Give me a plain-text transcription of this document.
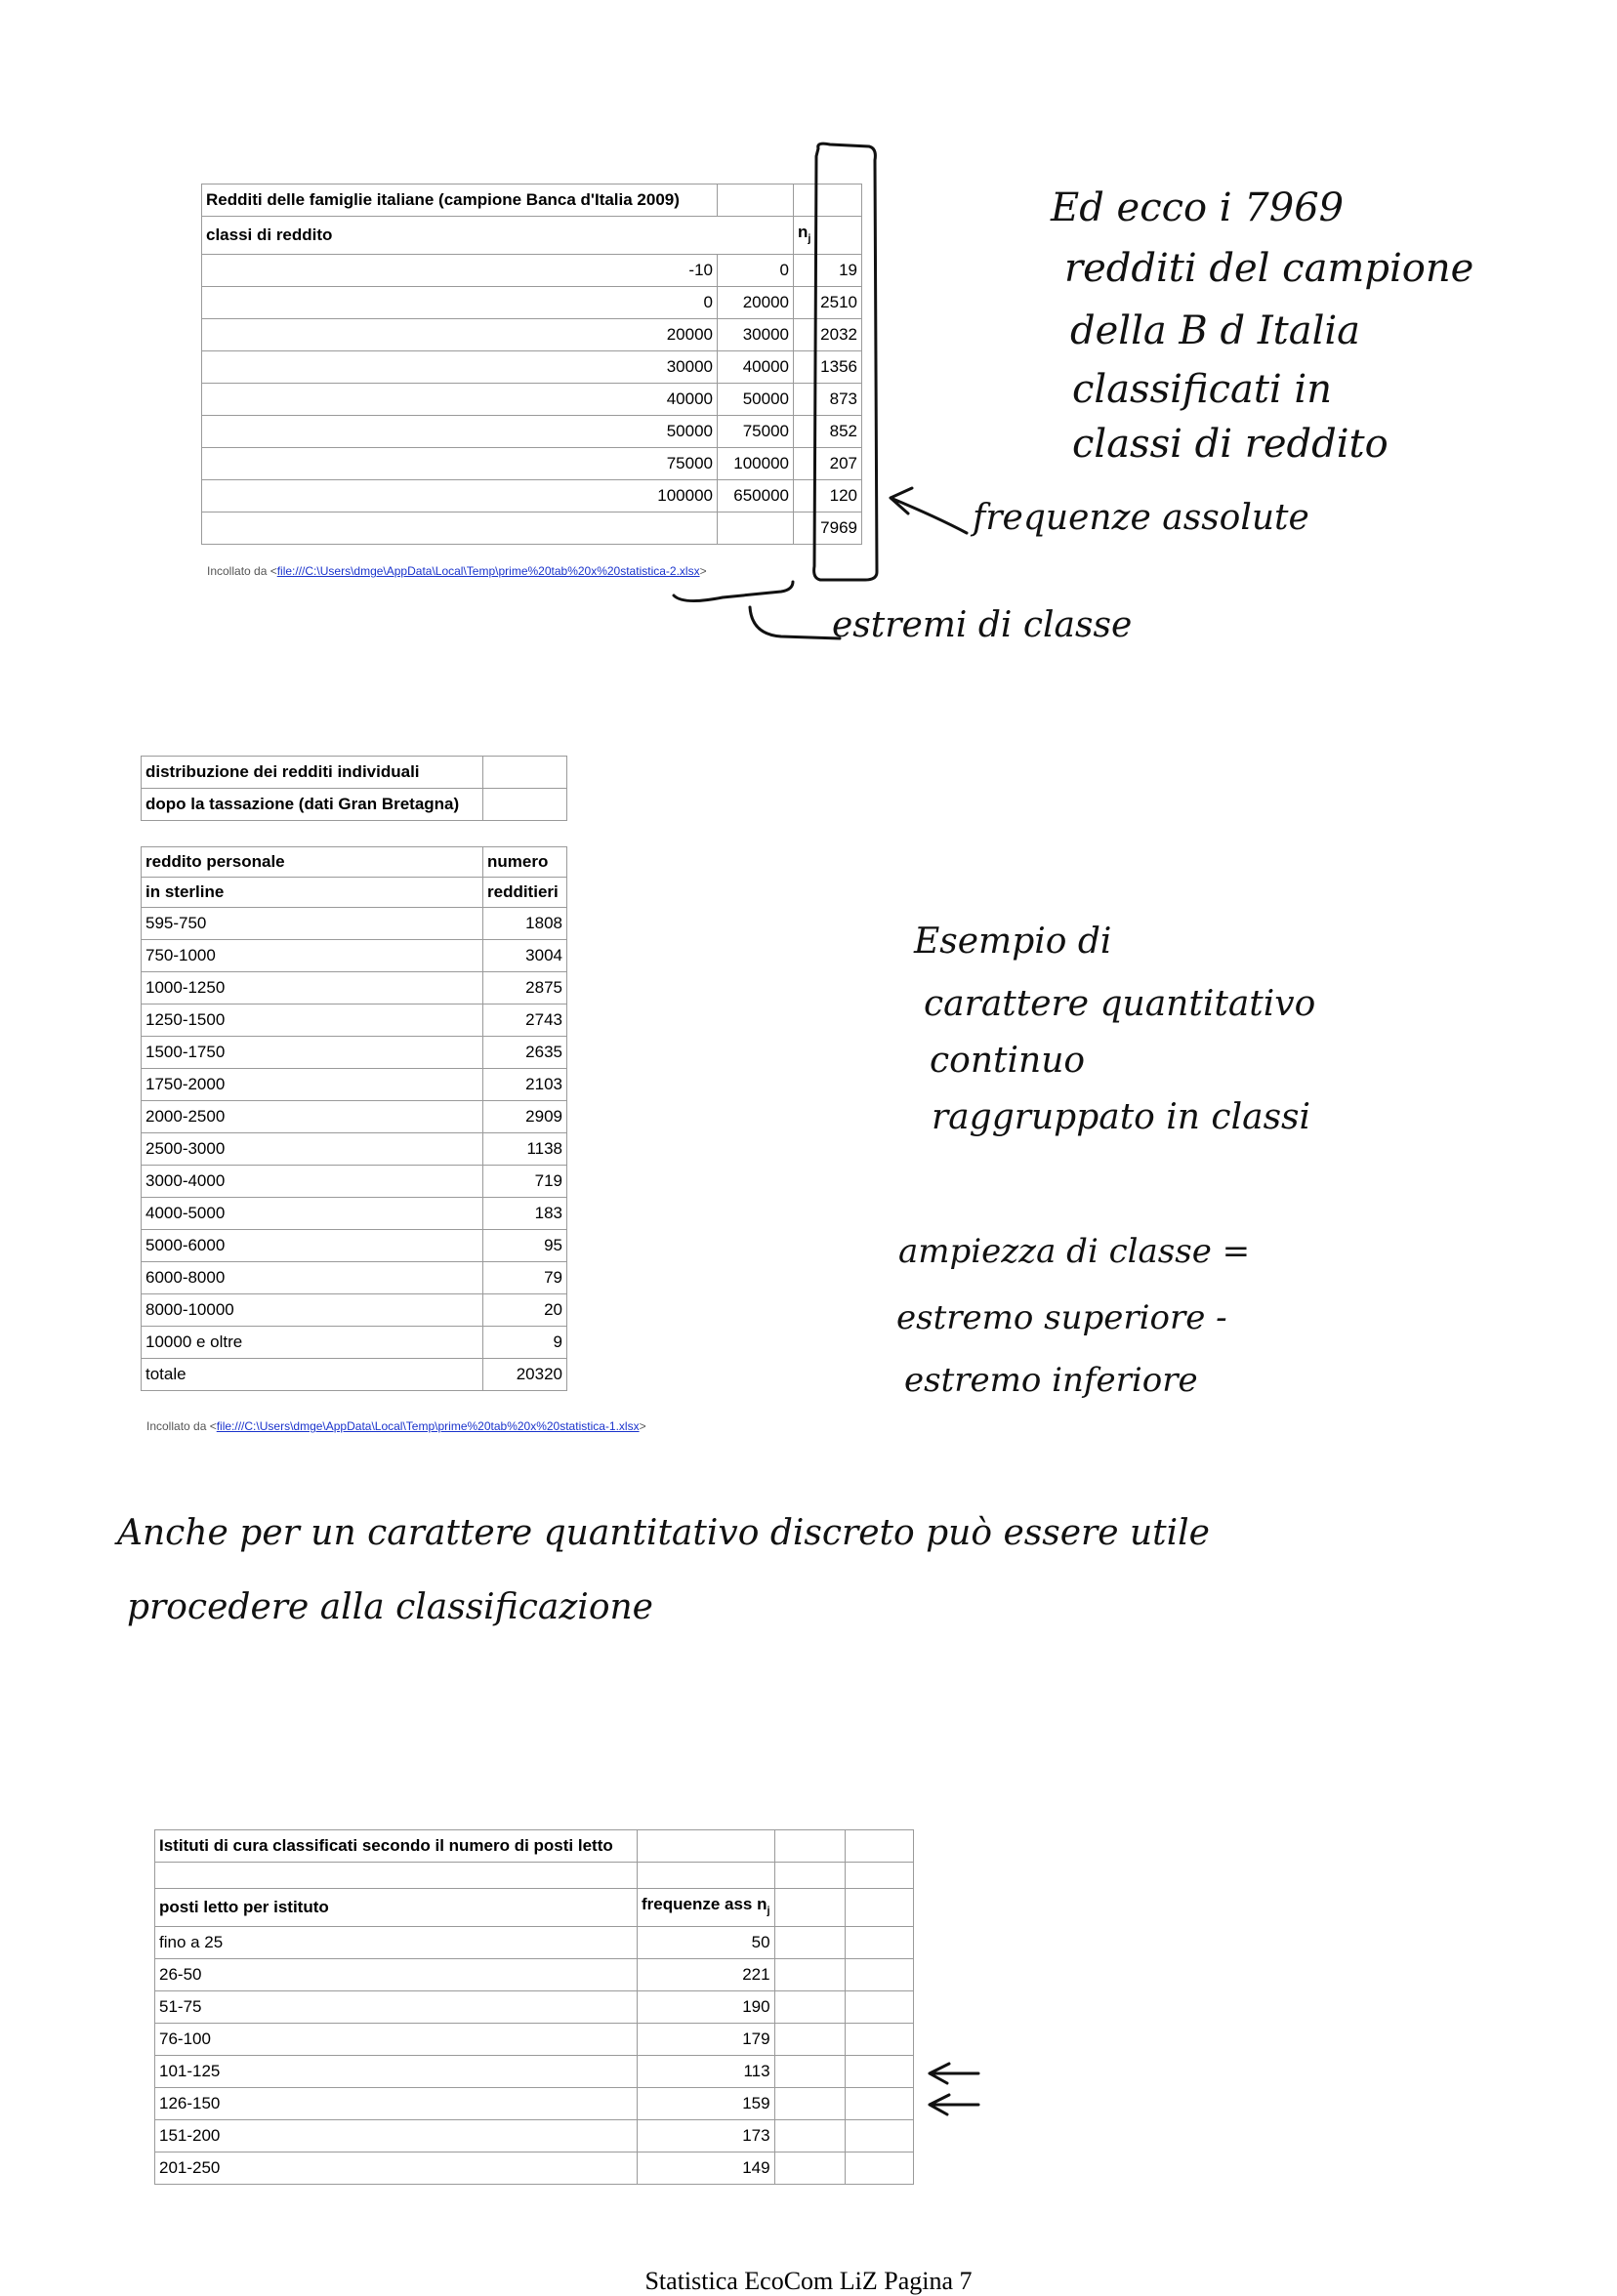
Redditi delle famiglie italiane (campione Banca d'Italia 2009)		
classi di reddito		$n_j$
-10	0	19
0	20000	2510
20000	30000	2032
30000	40000	1356
40000	50000	873
50000	75000	852
75000	100000	207
100000	650000	120
		7969
Incollato da <file:///C:\Users\dmge\AppData\Local\Temp\prime%20tab%20x%20statistica-2.xlsx>
distribuzione dei redditi individuali	
dopo la tassazione (dati Gran Bretagna)	

reddito personale	numero
in sterline	redditieri
595-750	1808
750-1000	3004
1000-1250	2875
1250-1500	2743
1500-1750	2635
1750-2000	2103
2000-2500	2909
2500-3000	1138
3000-4000	719
4000-5000	183
5000-6000	95
6000-8000	79
8000-10000	20
10000 e oltre	9
totale	20320
Incollato da <file:///C:\Users\dmge\AppData\Local\Temp\prime%20tab%20x%20statistica-1.xlsx>
Istituti di cura classificati secondo il numero di posti letto			

posti letto per istituto	frequenze ass $n_j$		
fino a 25	50		
26-50	221		
51-75	190		
76-100	179		
101-125	113		
126-150	159		
151-200	173		
201-250	149		
Ed ecco i 7969
redditi del campione
della B d Italia
classificati in
classi di reddito
frequenze assolute
estremi di classe
Esempio di
carattere quantitativo
continuo
raggruppato in classi
ampiezza di classe =
estremo superiore -
estremo inferiore
Anche per un carattere quantitativo discreto può essere utile
procedere alla classificazione
Statistica EcoCom LiZ Pagina 7
